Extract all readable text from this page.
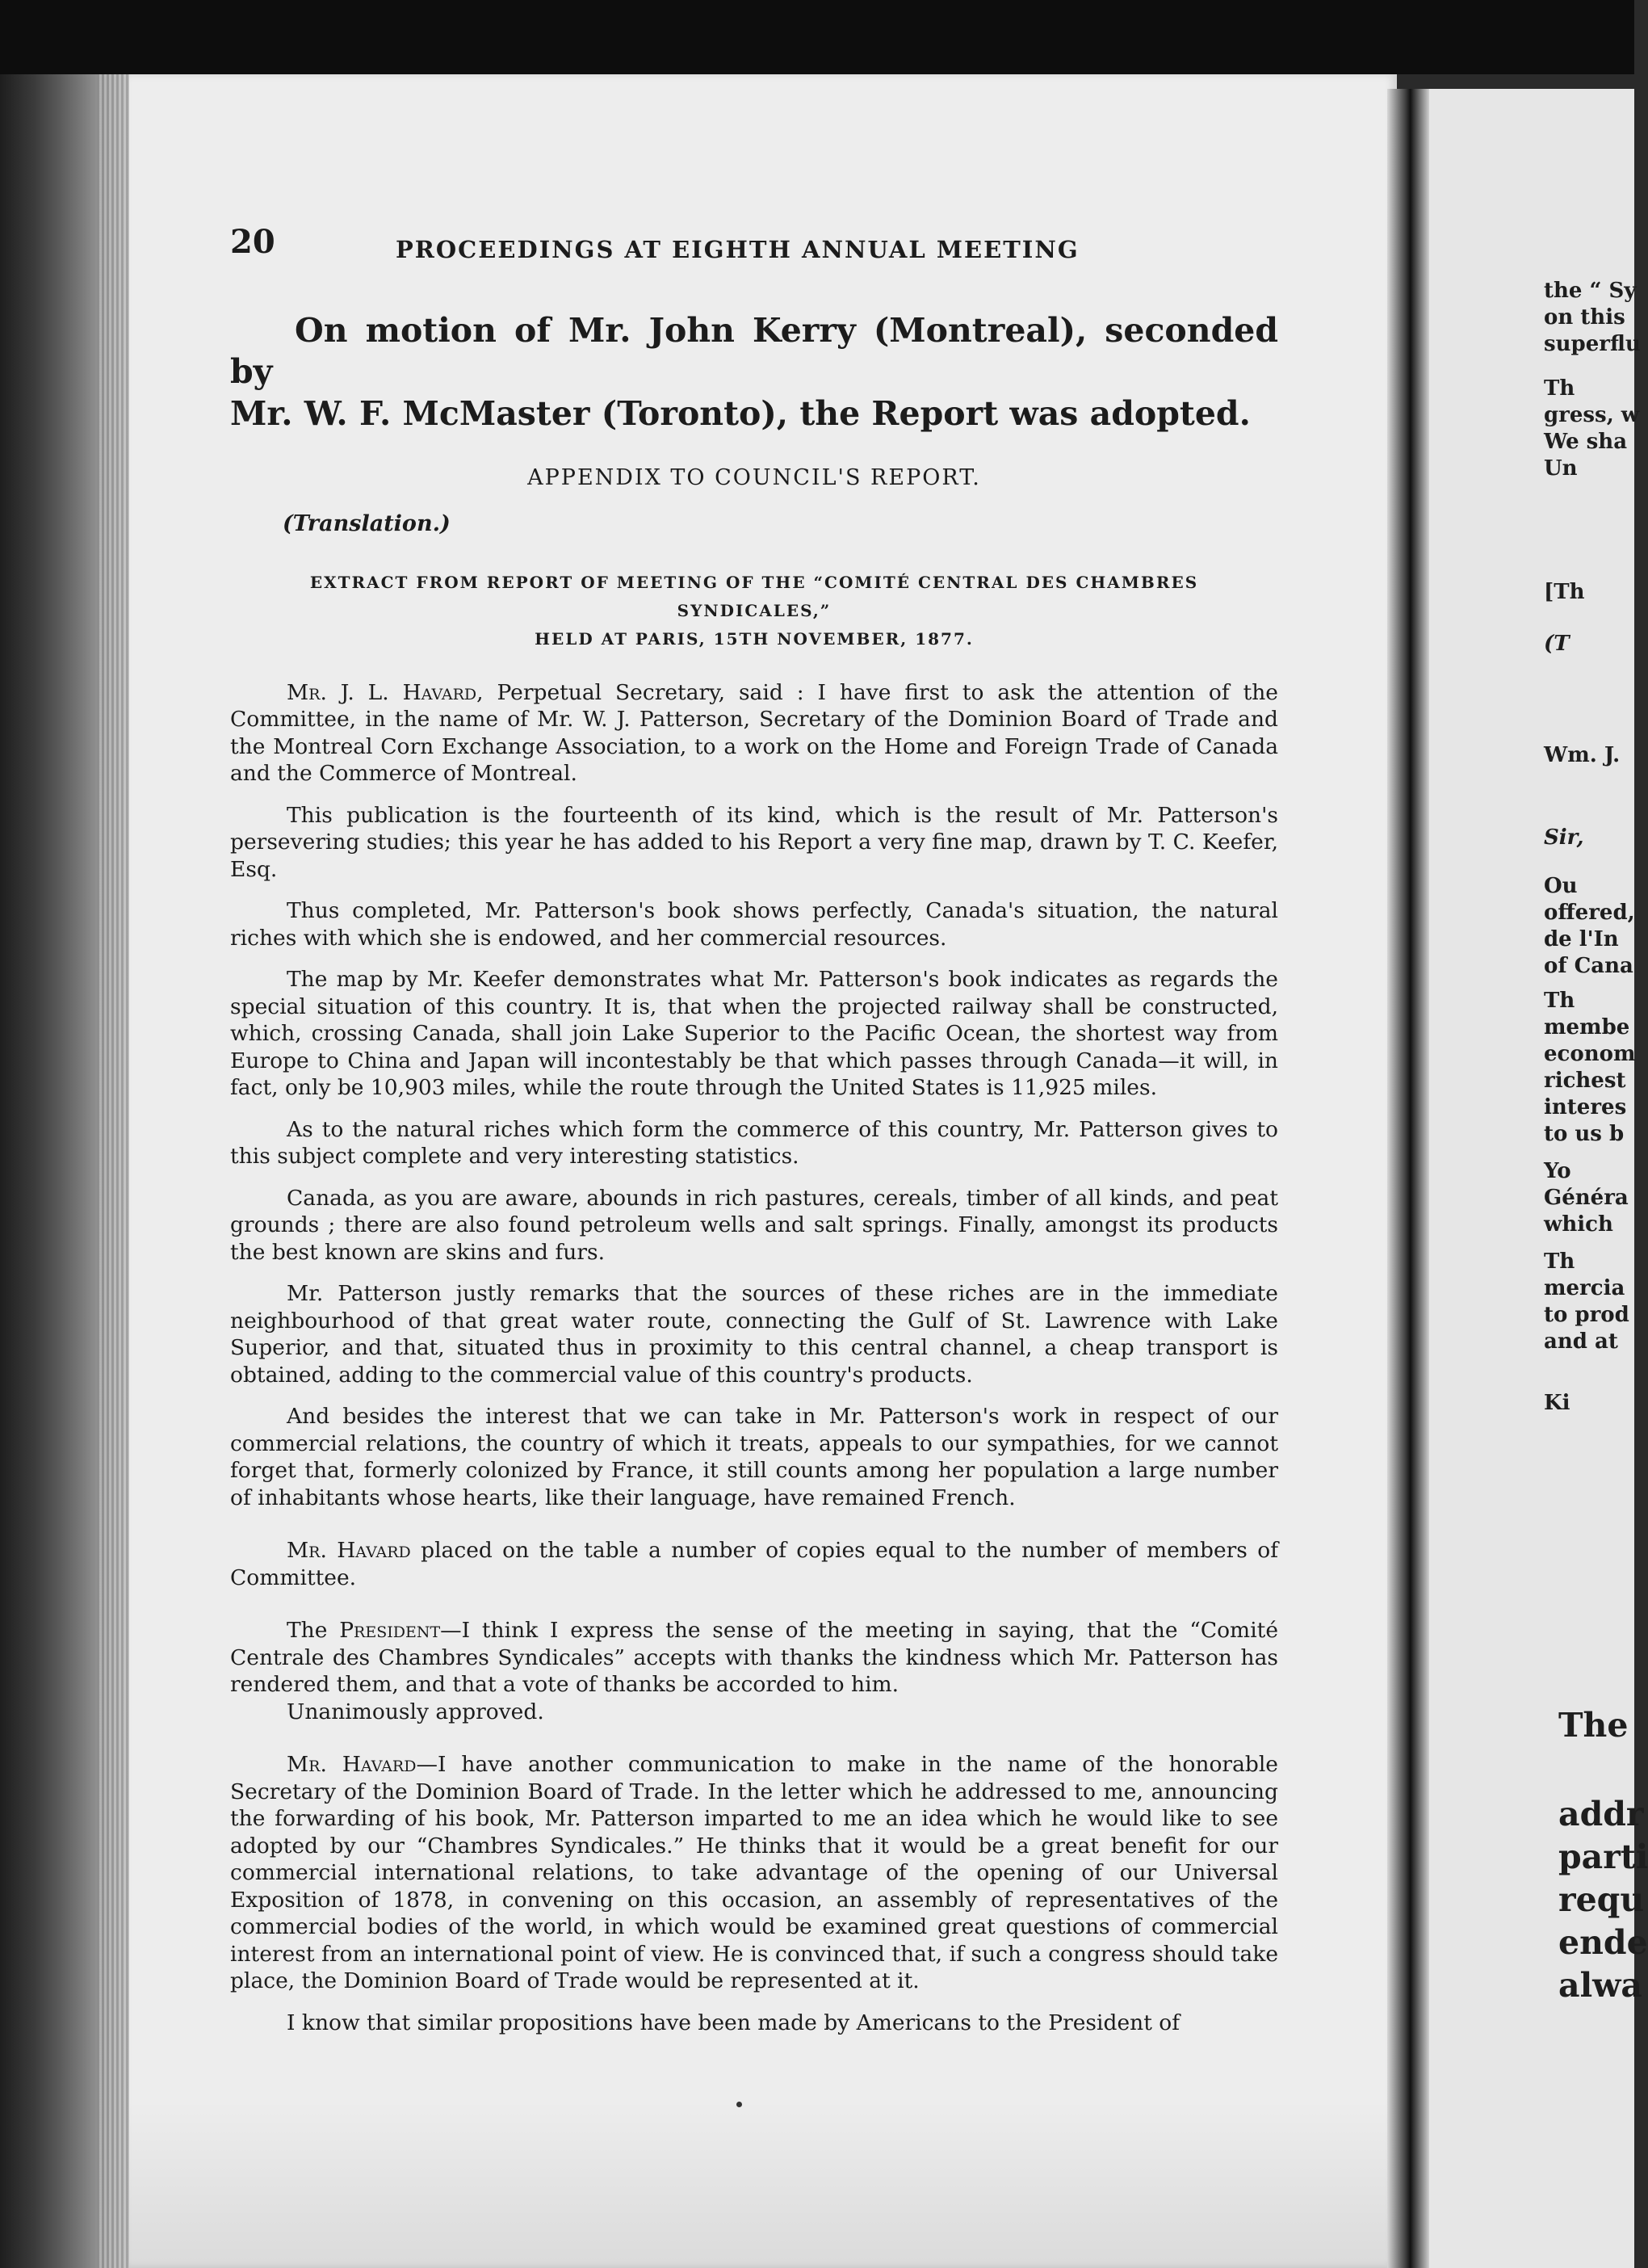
20	PROCEEDINGS AT EIGHTH ANNUAL MEETING
On motion of Mr. John Kerry (Montreal), seconded by
Mr. W. F. McMaster (Toronto), the Report was adopted.
APPENDIX TO COUNCIL'S REPORT.
(Translation.)
EXTRACT FROM REPORT OF MEETING OF THE “COMITÉ CENTRAL DES CHAMBRES SYNDICALES,”
HELD AT PARIS, 15TH NOVEMBER, 1877.

Mr. J. L. Havard, Perpetual Secretary, said : I have first to ask the attention of the Committee, in the name of Mr. W. J. Patterson, Secretary of the Dominion Board of Trade and the Montreal Corn Exchange Association, to a work on the Home and Foreign Trade of Canada and the Commerce of Montreal.

This publication is the fourteenth of its kind, which is the result of Mr. Patterson's persevering studies; this year he has added to his Report a very fine map, drawn by T. C. Keefer, Esq.

Thus completed, Mr. Patterson's book shows perfectly, Canada's situation, the natural riches with which she is endowed, and her commercial resources.

The map by Mr. Keefer demonstrates what Mr. Patterson's book indicates as regards the special situation of this country. It is, that when the projected railway shall be constructed, which, crossing Canada, shall join Lake Superior to the Pacific Ocean, the shortest way from Europe to China and Japan will incontestably be that which passes through Canada—it will, in fact, only be 10,903 miles, while the route through the United States is 11,925 miles.

As to the natural riches which form the commerce of this country, Mr. Patterson gives to this subject complete and very interesting statistics.

Canada, as you are aware, abounds in rich pastures, cereals, timber of all kinds, and peat grounds ; there are also found petroleum wells and salt springs. Finally, amongst its products the best known are skins and furs.

Mr. Patterson justly remarks that the sources of these riches are in the immediate neighbourhood of that great water route, connecting the Gulf of St. Lawrence with Lake Superior, and that, situated thus in proximity to this central channel, a cheap transport is obtained, adding to the commercial value of this country's products.

And besides the interest that we can take in Mr. Patterson's work in respect of our commercial relations, the country of which it treats, appeals to our sympathies, for we cannot forget that, formerly colonized by France, it still counts among her population a large number of inhabitants whose hearts, like their language, have remained French.

Mr. Havard placed on the table a number of copies equal to the number of members of Committee.

The President—I think I express the sense of the meeting in saying, that the “Comité Centrale des Chambres Syndicales” accepts with thanks the kindness which Mr. Patterson has rendered them, and that a vote of thanks be accorded to him.

Unanimously approved.

Mr. Havard—I have another communication to make in the name of the honorable Secretary of the Dominion Board of Trade. In the letter which he addressed to me, announcing the forwarding of his book, Mr. Patterson imparted to me an idea which he would like to see adopted by our “Chambres Syndicales.” He thinks that it would be a great benefit for our commercial international relations, to take advantage of the opening of our Universal Exposition of 1878, in convening on this occasion, an assembly of representatives of the commercial bodies of the world, in which would be examined great questions of commercial interest from an international point of view. He is convinced that, if such a congress should take place, the Dominion Board of Trade would be represented at it.

I know that similar propositions have been made by Americans to the President of

the “ Sy
on this
superflu
Th
gress, w
We sha
Un
[Th
(T
Wm. J.
Sir,
Ou
offered,
de l'In
of Cana
Th
membe
econom
richest
interes
to us b
Yo
Généra
which
Th
mercia
to prod
and at
Ki
The
addr
parti
requ
ende
alwa
